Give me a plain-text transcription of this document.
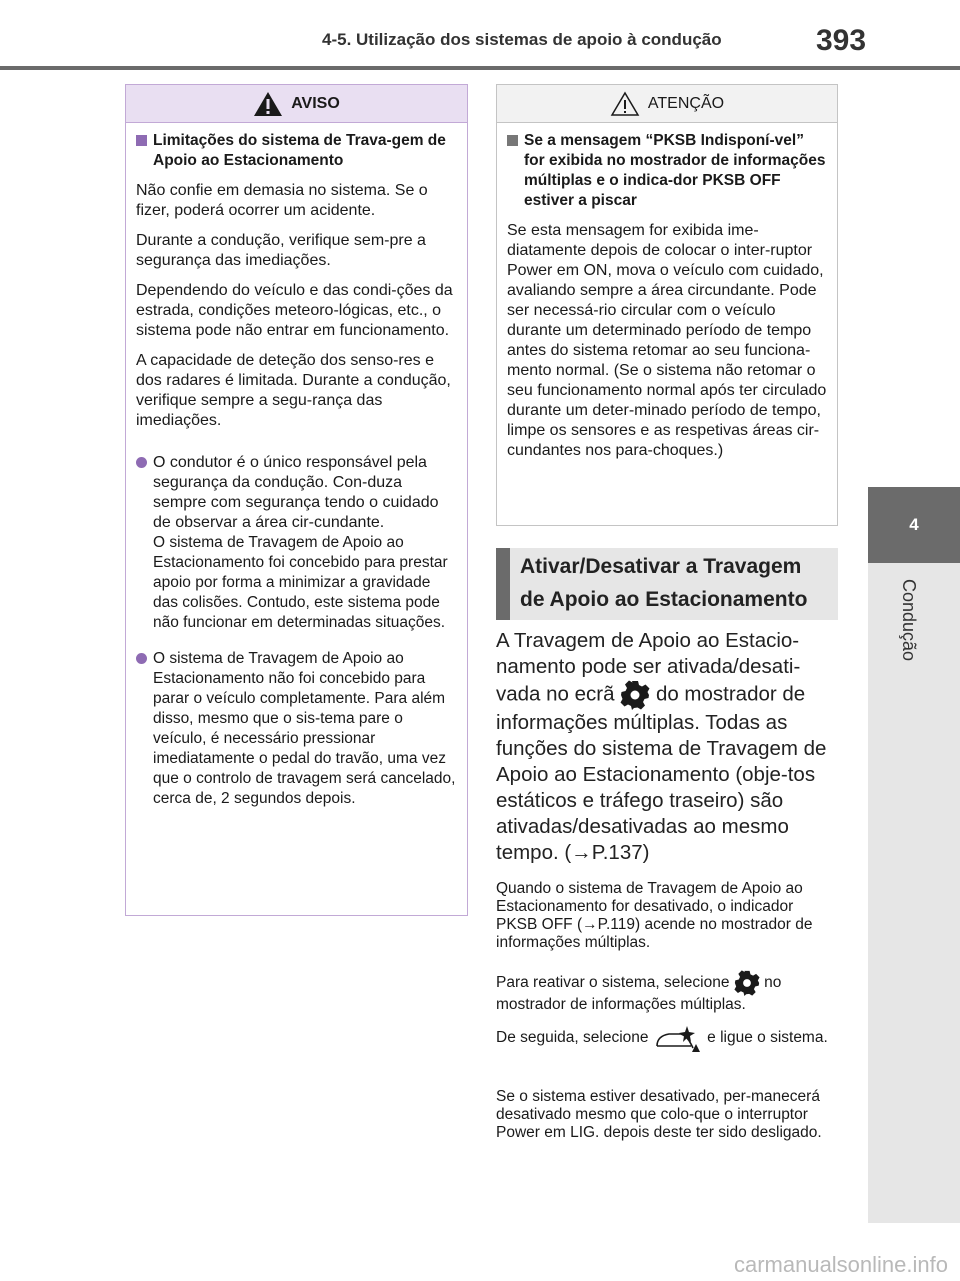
4-5. Utilização dos sistemas de apoio à condução	393
4
Condução
AVISO
Limitações do sistema de Trava-gem de Apoio ao Estacionamento

Não confie em demasia no sistema. Se o fizer, poderá ocorrer um acidente.

Durante a condução, verifique sem-pre a segurança das imediações.

Dependendo do veículo e das condi-ções da estrada, condições meteoro-lógicas, etc., o sistema pode não entrar em funcionamento.

A capacidade de deteção dos senso-res e dos radares é limitada. Durante a condução, verifique sempre a segu-rança das imediações.

O condutor é o único responsável pela segurança da condução. Con-duza sempre com segurança tendo o cuidado de observar a área cir-cundante.
O sistema de Travagem de Apoio ao Estacionamento foi concebido para prestar apoio por forma a minimizar a gravidade das colisões. Contudo, este sistema pode não funcionar em determinadas situações.
O sistema de Travagem de Apoio ao Estacionamento não foi concebido para parar o veículo completamente. Para além disso, mesmo que o sis-tema pare o veículo, é necessário pressionar imediatamente o pedal do travão, uma vez que o controlo de travagem será cancelado, cerca de, 2 segundos depois.
ATENÇÃO
Se a mensagem “PKSB Indisponí-vel” for exibida no mostrador de informações múltiplas e o indica-dor PKSB OFF estiver a piscar

Se esta mensagem for exibida ime-diatamente depois de colocar o inter-ruptor Power em ON, mova o veículo com cuidado, avaliando sempre a área circundante. Pode ser necessá-rio circular com o veículo durante um determinado período de tempo antes do sistema retomar ao seu funciona-mento normal. (Se o sistema não retomar o seu funcionamento normal após ter circulado durante um deter-minado período de tempo, limpe os sensores e as respetivas áreas cir-cundantes nos para-choques.)

Ativar/Desativar a Travagem de Apoio ao Estacionamento

A Travagem de Apoio ao Estacio-namento pode ser ativada/desati-vada no ecrã do mostrador de informações múltiplas. Todas as funções do sistema de Travagem de Apoio ao Estacionamento (obje-tos estáticos e tráfego traseiro) são ativadas/desativadas ao mesmo tempo. (→P.137)

Quando o sistema de Travagem de Apoio ao Estacionamento for desativado, o indicador PKSB OFF (→P.119) acende no mostrador de informações múltiplas.

Para reativar o sistema, selecione no mostrador de informações múltiplas.

De seguida, selecione	e ligue o sistema.

Se o sistema estiver desativado, per-manecerá desativado mesmo que colo-que o interruptor Power em LIG. depois deste ter sido desligado.

carmanualsonline.info
